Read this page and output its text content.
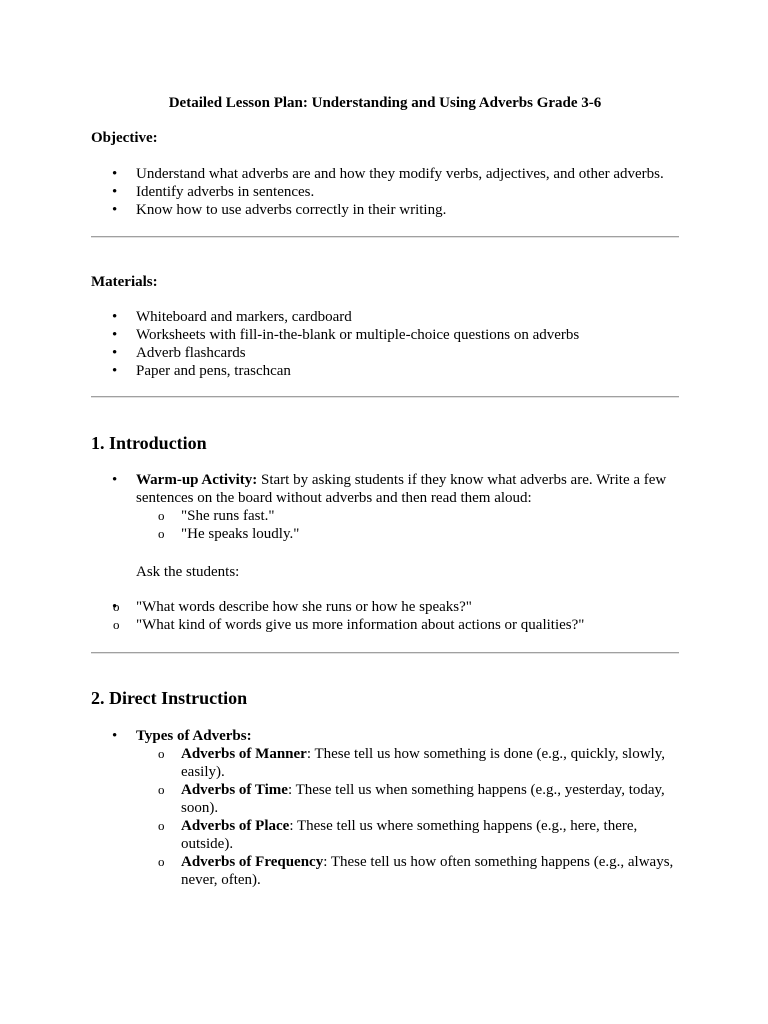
Detailed Lesson Plan: Understanding and Using Adverbs Grade 3-6

Objective:

• Understand what adverbs are and how they modify verbs, adjectives, and other adverbs.
• Identify adverbs in sentences.
• Know how to use adverbs correctly in their writing.

Materials:

• Whiteboard and markers, cardboard
• Worksheets with fill-in-the-blank or multiple-choice questions on adverbs
• Adverb flashcards
• Paper and pens, traschcan

1. Introduction

• Warm-up Activity: Start by asking students if they know what adverbs are. Write a few sentences on the board without adverbs and then read them aloud:
o "She runs fast."
o "He speaks loudly."

Ask the students:

o • "What words describe how she runs or how he speaks?"
o "What kind of words give us more information about actions or qualities?"

2. Direct Instruction

• Types of Adverbs:
o Adverbs of Manner: These tell us how something is done (e.g., quickly, slowly, easily).
o Adverbs of Time: These tell us when something happens (e.g., yesterday, today, soon).
o Adverbs of Place: These tell us where something happens (e.g., here, there, outside).
o Adverbs of Frequency: These tell us how often something happens (e.g., always, never, often).
